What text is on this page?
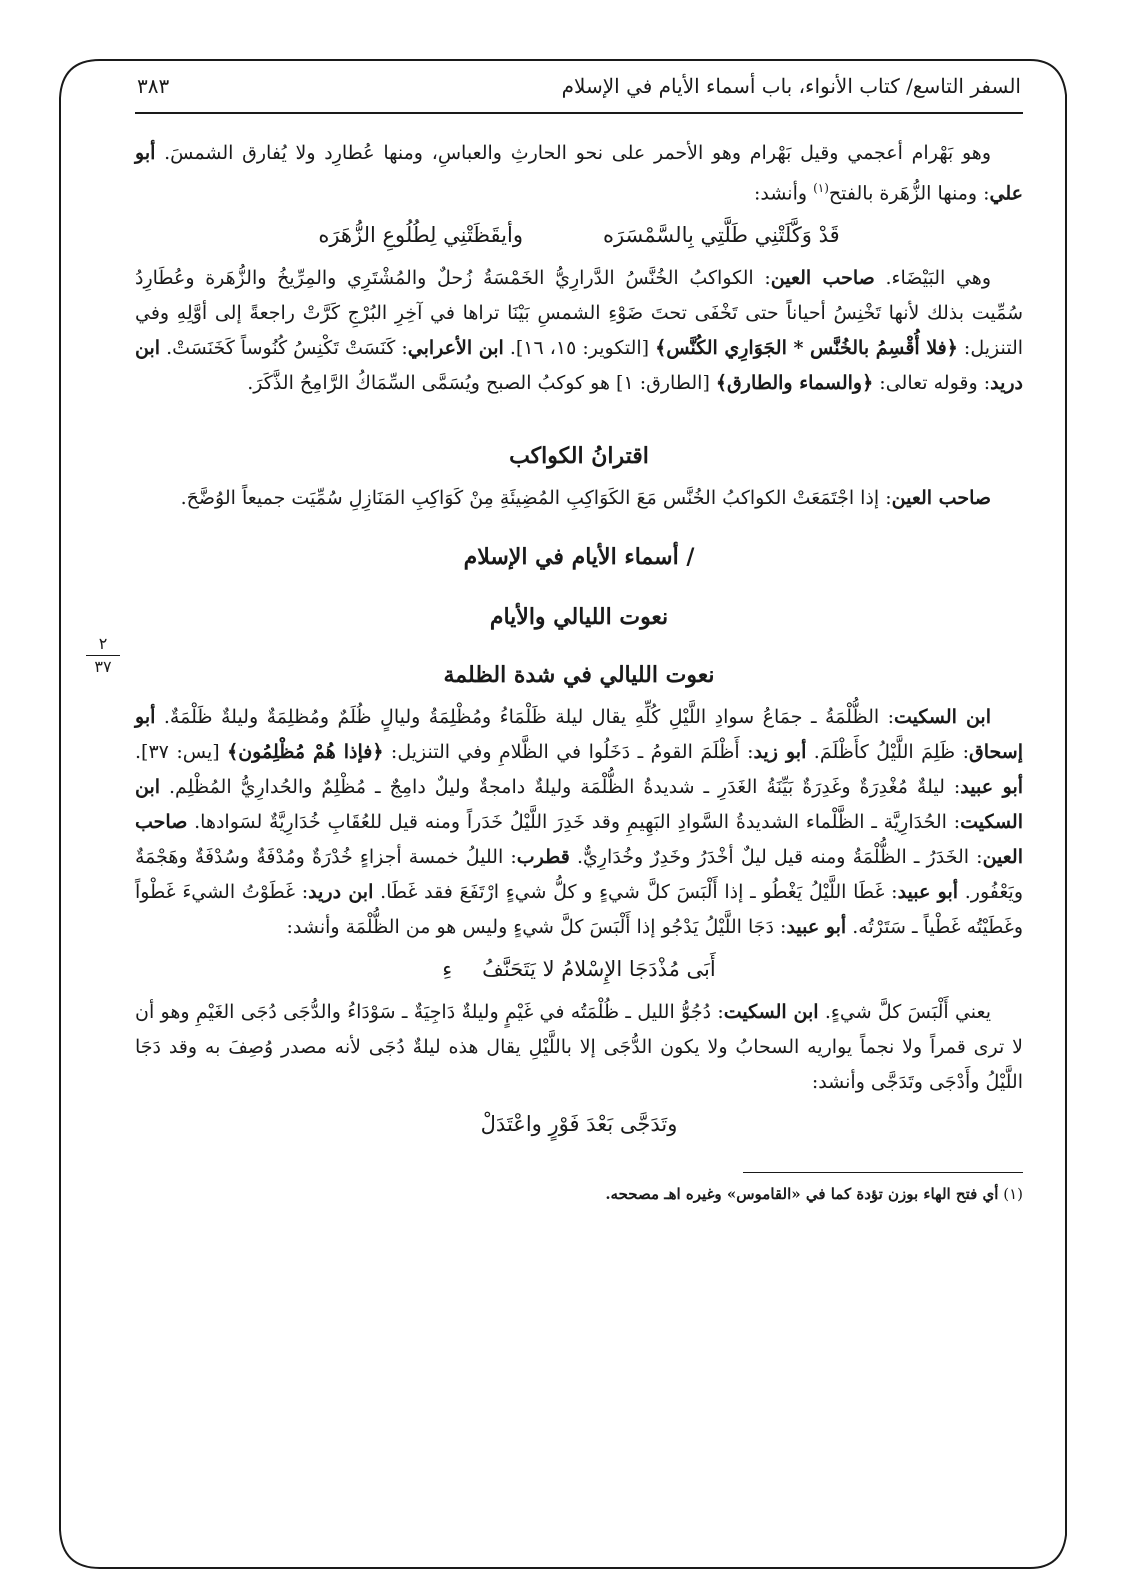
٢
٣٧
السفر التاسع/ كتاب الأنواء، باب أسماء الأيام في الإسلام
٣٨٣

وهو بَهْرام أعجمي وقيل بَهْرام وهو الأحمر على نحو الحارثِ والعباسِ، ومنها عُطارِد ولا يُفارق الشمسَ. أبو علي: ومنها الزُّهَرة بالفتح$^{(١)}$ وأنشد:

قَدْ وَكَّلَتْنِي طَلَّتِي بِالسَّمْسَرَه
وأيقَظَتْنِي لِطُلُوعِ الزُّهَرَه

وهي البَيْضَاء. صاحب العين: الكواكبُ الخُنَّسُ الدَّرارِيُّ الخَمْسَةُ زُحلٌ والمُشْتَرِي والمِرِّيخُ والزُّهَرة وعُطَارِدُ سُمِّيت بذلك لأنها تَخْنِسُ أحياناً حتى تَخْفَى تحتَ ضَوْءِ الشمسِ بَيْنَا تراها في آخِرِ البُرْجِ كَرَّتْ راجعةً إلى أوَّلِهِ وفي التنزيل: ﴿فلا أُقْسِمُ بالخُنَّس * الجَوَارِي الكُنَّس﴾ [التكوير: ١٥، ١٦]. ابن الأعرابي: كَنَسَتْ تَكْنِسُ كُنُوساً كَخَنَسَتْ. ابن دريد: وقوله تعالى: ﴿والسماء والطارق﴾ [الطارق: ١] هو كوكبُ الصبح ويُسَمَّى السِّمَاكُ الرَّامِحُ الذَّكَرَ.

اقترانُ الكواكب

صاحب العين: إذا اجْتَمَعَتْ الكواكبُ الخُنَّس مَعَ الكَوَاكِبِ المُضِيئَةِ مِنْ كَوَاكِبِ المَنَازِلِ سُمِّيَت جميعاً الوُضَّحَ.

/ أسماء الأيام في الإسلام
نعوت الليالي والأيام
نعوت الليالي في شدة الظلمة

ابن السكيت: الظُّلْمَةُ ـ جمَاعُ سوادِ اللَّيْلِ كُلِّهِ يقال ليلة ظَلْمَاءُ ومُظْلِمَةُ وليالٍ ظُلَمٌ ومُظلِمَةٌ وليلةٌ ظَلْمَةٌ. أبو إسحاق: ظَلِمَ اللَّيْلُ كأَظْلَمَ. أبو زيد: أَظْلَمَ القومُ ـ دَخَلُوا في الظَّلامِ وفي التنزيل: ﴿فإذا هُمْ مُظْلِمُون﴾ [يس: ٣٧]. أبو عبيد: ليلةٌ مُغْدِرَةٌ وغَدِرَةٌ بَيِّنَةُ الغَدَرِ ـ شديدةُ الظُّلْمَة وليلةٌ دامجةٌ وليلٌ دامِجٌ ـ مُظْلِمٌ والحُدارِيُّ المُظْلِم. ابن السكيت: الحُدَارِيَّة ـ الظَّلْماء الشديدةُ السَّوادِ البَهِيمِ وقد خَدِرَ اللَّيْلُ خَدَراً ومنه قيل للعُقَابِ خُدَارِيَّةٌ لسَوادها. صاحب العين: الخَدَرُ ـ الظُّلْمَةُ ومنه قيل ليلٌ أخْدَرُ وخَدِرٌ وخُدَارِيٌّ. قطرب: الليلُ خمسة أجزاءٍ خُدْرَةٌ ومُدْفَةٌ وسُدْفَةٌ وهَجْمَةٌ ويَعْفُور. أبو عبيد: غَطَا اللَّيْلُ يَغْطُو ـ إذا أَلْبَسَ كلَّ شيءٍ و كلُّ شيءٍ ارْتَفَعَ فقد غَطَا. ابن دريد: غَطَوْتُ الشيءَ غَطْواً وغَطَيْتُه غَطْياً ـ سَتَرْتُه. أبو عبيد: دَجَا اللَّيْلُ يَدْجُو إذا أَلْبَسَ كلَّ شيءٍ وليس هو من الظُّلْمَة وأنشد:

أَبَى مُذْدَجَا الإِسْلامُ لا يَتَحَنَّفُ
ءِ

يعني أَلْبَسَ كلَّ شيءٍ. ابن السكيت: دُجُوُّ الليل ـ ظُلْمَتُه في غَيْمٍ وليلةٌ دَاجِيَةٌ ـ سَوْدَاءُ والدُّجَى دُجَى الغَيْمِ وهو أن لا ترى قمراً ولا نجماً يواريه السحابُ ولا يكون الدُّجَى إلا باللَّيْلِ يقال هذه ليلةٌ دُجَى لأنه مصدر وُصِفَ به وقد دَجَا اللَّيْلُ وأَدْجَى وتَدَجَّى وأنشد:

وتَدَجَّى بَعْدَ فَوْرٍ واعْتَدَلْ
(١) أي فتح الهاء بوزن تؤدة كما في «القاموس» وغيره اهـ مصححه.
